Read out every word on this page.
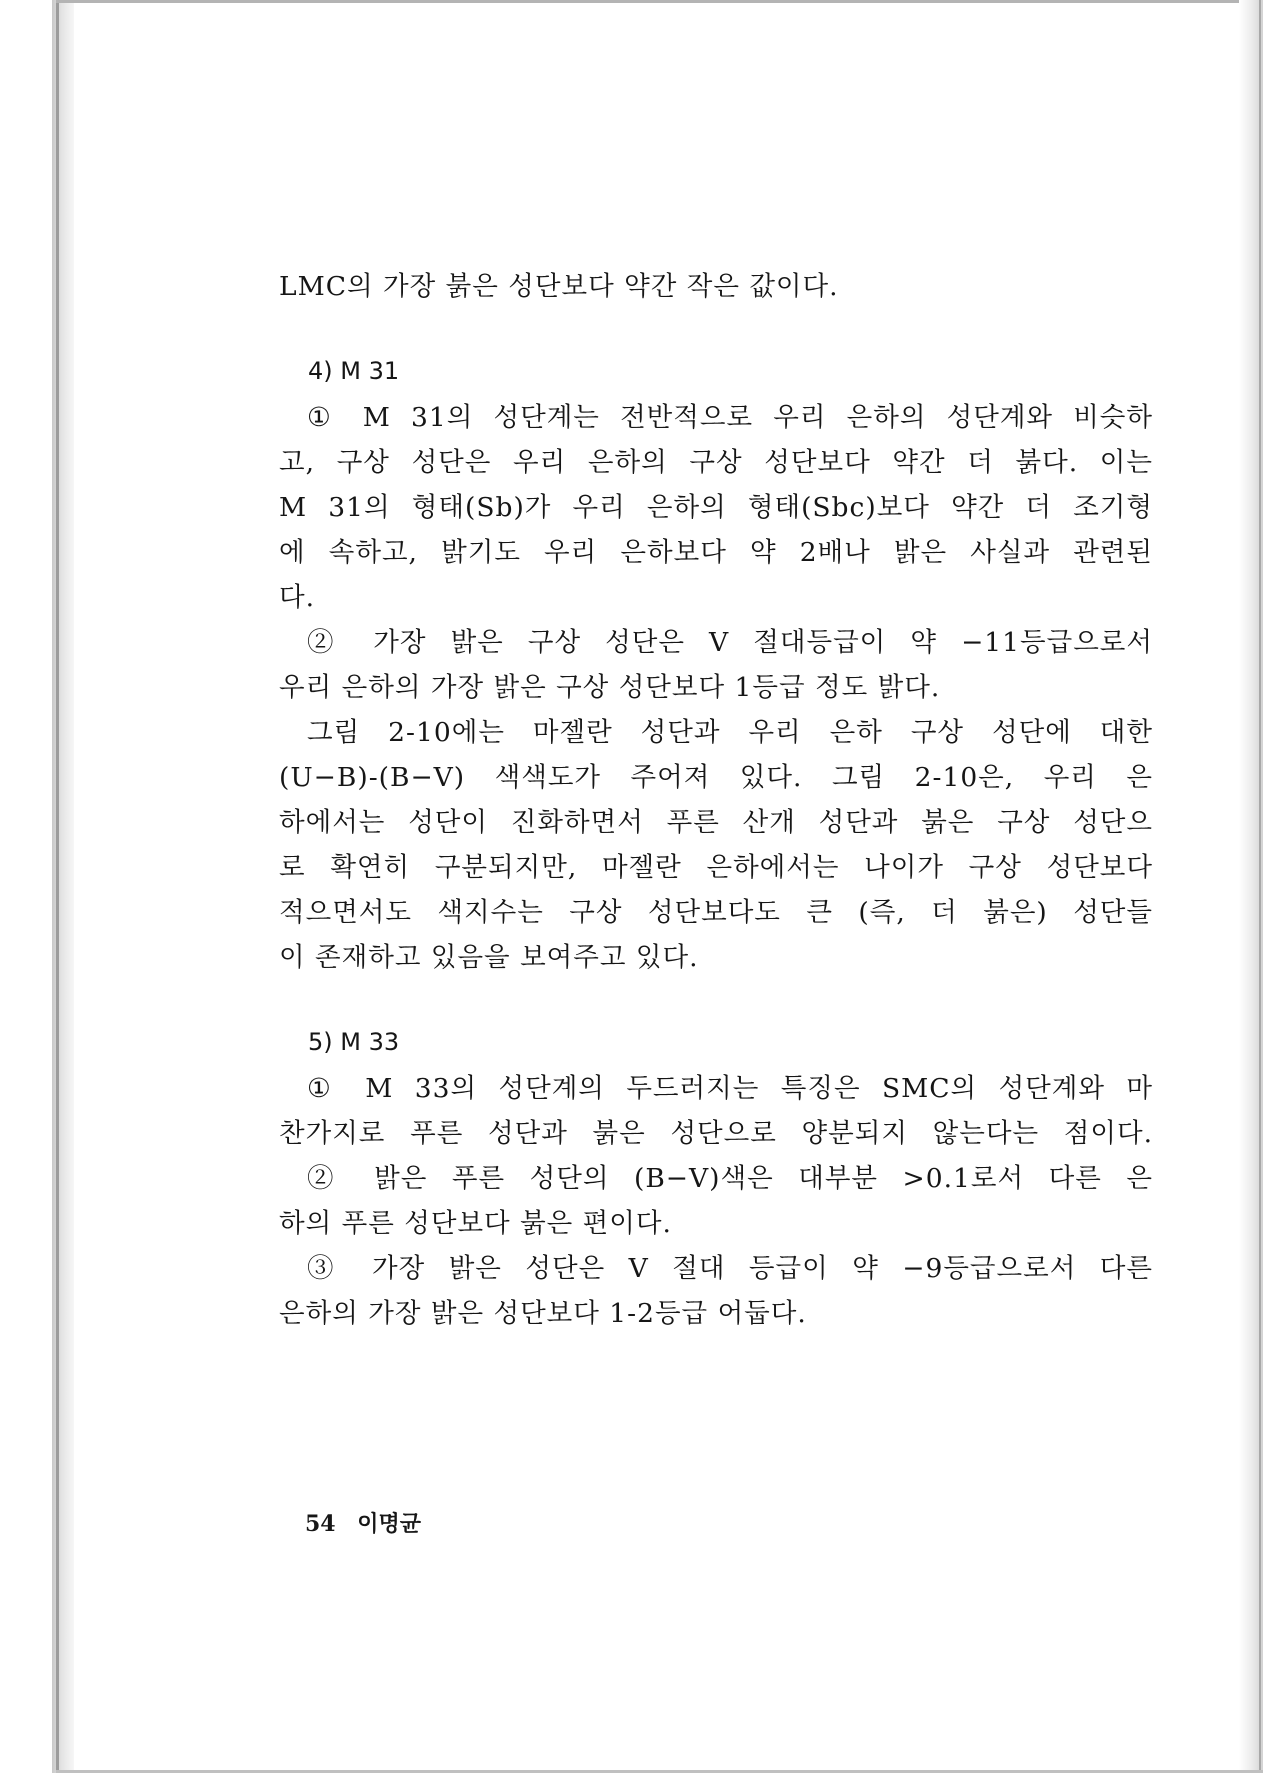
LMC의 가장 붉은 성단보다 약간 작은 값이다.
4) M 31
① M 31의 성단계는 전반적으로 우리 은하의 성단계와 비슷하
고, 구상 성단은 우리 은하의 구상 성단보다 약간 더 붉다. 이는
M 31의 형태(Sb)가 우리 은하의 형태(Sbc)보다 약간 더 조기형
에 속하고, 밝기도 우리 은하보다 약 2배나 밝은 사실과 관련된
다.
② 가장 밝은 구상 성단은 V 절대등급이 약 −11등급으로서
우리 은하의 가장 밝은 구상 성단보다 1등급 정도 밝다.
그림 2-10에는 마젤란 성단과 우리 은하 구상 성단에 대한
(U−B)-(B−V) 색색도가 주어져 있다. 그림 2-10은, 우리 은
하에서는 성단이 진화하면서 푸른 산개 성단과 붉은 구상 성단으
로 확연히 구분되지만, 마젤란 은하에서는 나이가 구상 성단보다
적으면서도 색지수는 구상 성단보다도 큰 (즉, 더 붉은) 성단들
이 존재하고 있음을 보여주고 있다.
5) M 33
① M 33의 성단계의 두드러지는 특징은 SMC의 성단계와 마
찬가지로 푸른 성단과 붉은 성단으로 양분되지 않는다는 점이다.
② 밝은 푸른 성단의 (B−V)색은 대부분 >0.1로서 다른 은
하의 푸른 성단보다 붉은 편이다.
③ 가장 밝은 성단은 V 절대 등급이 약 −9등급으로서 다른
은하의 가장 밝은 성단보다 1-2등급 어둡다.
54 이명균
